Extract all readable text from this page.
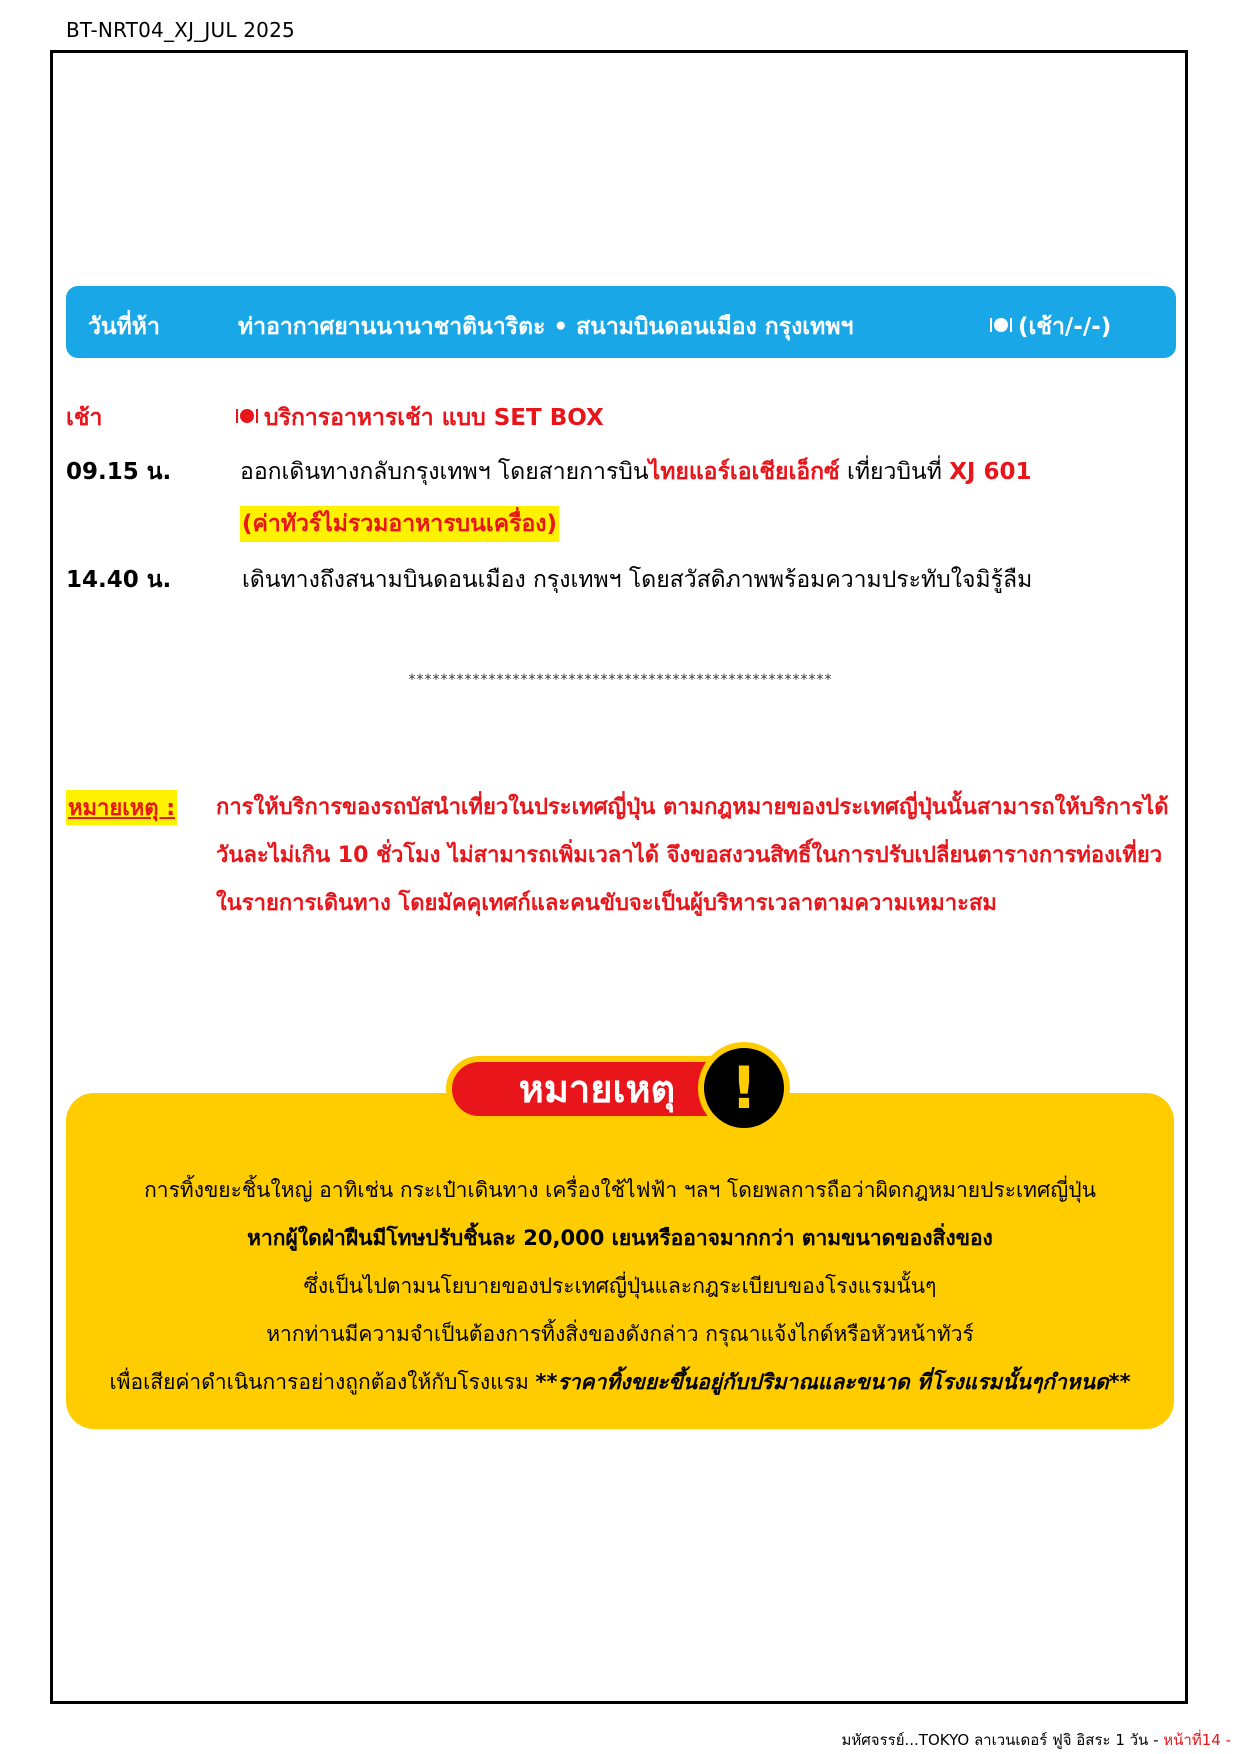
BT-NRT04_XJ_JUL 2025
วันที่ห้า	ท่าอากาศยานนานาชาตินาริตะ • สนามบินดอนเมือง กรุงเทพฯ	(เช้า/-/-)
เช้า	บริการอาหารเช้า แบบ SET BOX
09.15 น.	ออกเดินทางกลับกรุงเทพฯ โดยสายการบินไทยแอร์เอเชียเอ็กซ์ เที่ยวบินที่ XJ 601
(ค่าทัวร์ไม่รวมอาหารบนเครื่อง)
14.40 น.	เดินทางถึงสนามบินดอนเมือง กรุงเทพฯ โดยสวัสดิภาพพร้อมความประทับใจมิรู้ลืม
*****************************************************
หมายเหตุ : การให้บริการของรถบัสนำเที่ยวในประเทศญี่ปุ่น ตามกฎหมายของประเทศญี่ปุ่นนั้นสามารถให้บริการได้วันละไม่เกิน 10 ชั่วโมง ไม่สามารถเพิ่มเวลาได้ จึงขอสงวนสิทธิ์ในการปรับเปลี่ยนตารางการท่องเที่ยวในรายการเดินทาง โดยมัคคุเทศก์และคนขับจะเป็นผู้บริหารเวลาตามความเหมาะสม
หมายเหตุ !
การทิ้งขยะชิ้นใหญ่ อาทิเช่น กระเป๋าเดินทาง เครื่องใช้ไฟฟ้า ฯลฯ โดยพลการถือว่าผิดกฎหมายประเทศญี่ปุ่น
หากผู้ใดฝ่าฝืนมีโทษปรับชิ้นละ 20,000 เยนหรืออาจมากกว่า ตามขนาดของสิ่งของ
ซึ่งเป็นไปตามนโยบายของประเทศญี่ปุ่นและกฎระเบียบของโรงแรมนั้นๆ
หากท่านมีความจำเป็นต้องการทิ้งสิ่งของดังกล่าว กรุณาแจ้งไกด์หรือหัวหน้าทัวร์
เพื่อเสียค่าดำเนินการอย่างถูกต้องให้กับโรงแรม **ราคาทิ้งขยะขึ้นอยู่กับปริมาณและขนาด ที่โรงแรมนั้นๆกำหนด**
มหัศจรรย์...TOKYO ลาเวนเดอร์ ฟูจิ อิสระ 1 วัน - หน้าที่14 -
